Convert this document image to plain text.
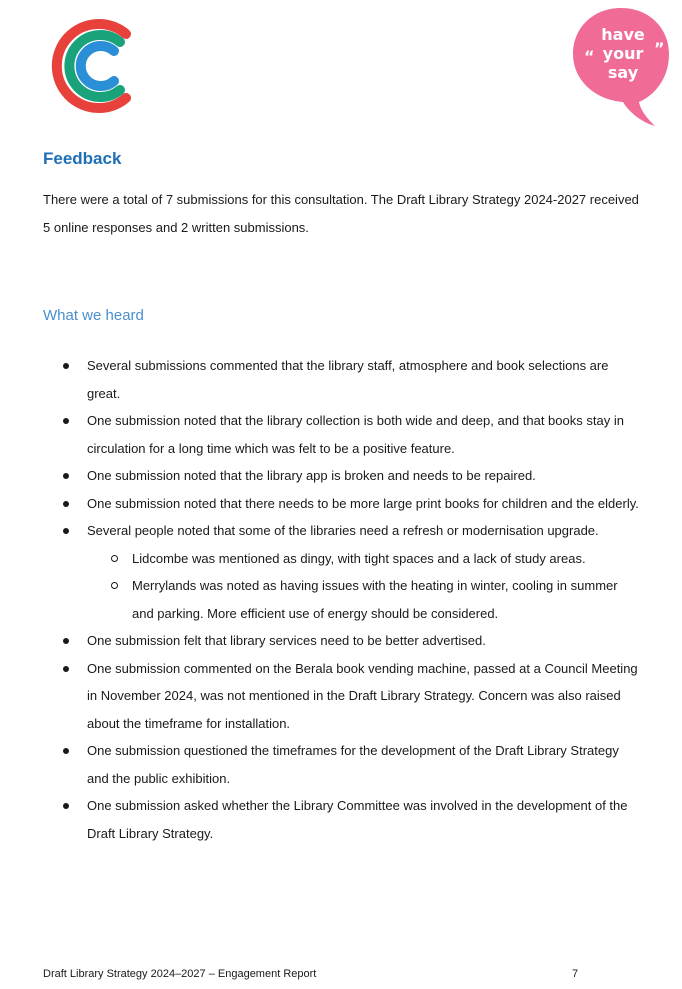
have
your
say
“	”
Feedback

There were a total of 7 submissions for this consultation. The Draft Library Strategy 2024-2027 received 5 online responses and 2 written submissions.

What we heard
Several submissions commented that the library staff, atmosphere and book selections are great.
One submission noted that the library collection is both wide and deep, and that books stay in circulation for a long time which was felt to be a positive feature.
One submission noted that the library app is broken and needs to be repaired.
One submission noted that there needs to be more large print books for children and the elderly.
Several people noted that some of the libraries need a refresh or modernisation upgrade.
Lidcombe was mentioned as dingy, with tight spaces and a lack of study areas.
Merrylands was noted as having issues with the heating in winter, cooling in summer and parking. More efficient use of energy should be considered.
One submission felt that library services need to be better advertised.
One submission commented on the Berala book vending machine, passed at a Council Meeting in November 2024, was not mentioned in the Draft Library Strategy. Concern was also raised about the timeframe for installation.
One submission questioned the timeframes for the development of the Draft Library Strategy and the public exhibition.
One submission asked whether the Library Committee was involved in the development of the Draft Library Strategy.

Draft Library Strategy 2024–2027 – Engagement Report	7
